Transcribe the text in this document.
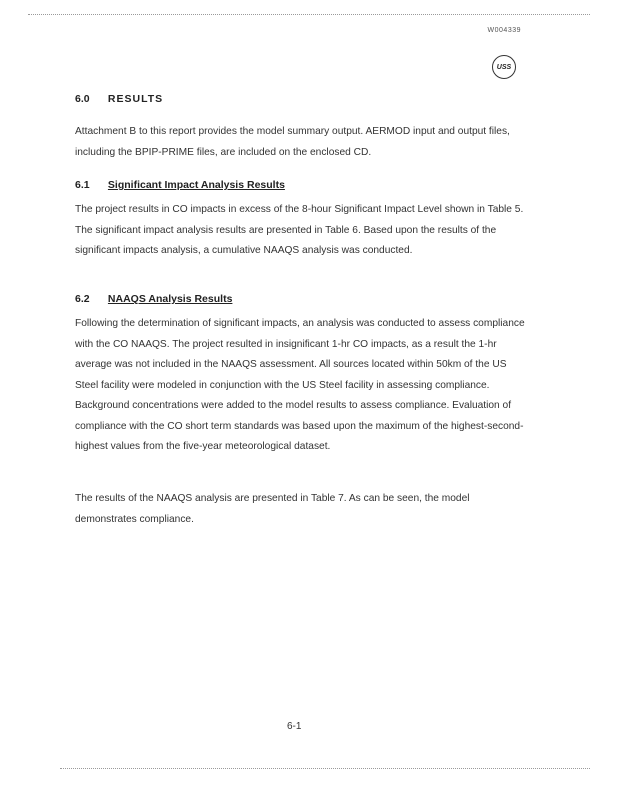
W004339
USS
6.0 RESULTS
Attachment B to this report provides the model summary output. AERMOD input and output files, including the BPIP-PRIME files, are included on the enclosed CD.
6.1 Significant Impact Analysis Results
The project results in CO impacts in excess of the 8-hour Significant Impact Level shown in Table 5. The significant impact analysis results are presented in Table 6. Based upon the results of the significant impacts analysis, a cumulative NAAQS analysis was conducted.
6.2 NAAQS Analysis Results
Following the determination of significant impacts, an analysis was conducted to assess compliance with the CO NAAQS. The project resulted in insignificant 1-hr CO impacts, as a result the 1-hr average was not included in the NAAQS assessment. All sources located within 50km of the US Steel facility were modeled in conjunction with the US Steel facility in assessing compliance. Background concentrations were added to the model results to assess compliance. Evaluation of compliance with the CO short term standards was based upon the maximum of the highest-second-highest values from the five-year meteorological dataset.
The results of the NAAQS analysis are presented in Table 7. As can be seen, the model demonstrates compliance.
6-1
